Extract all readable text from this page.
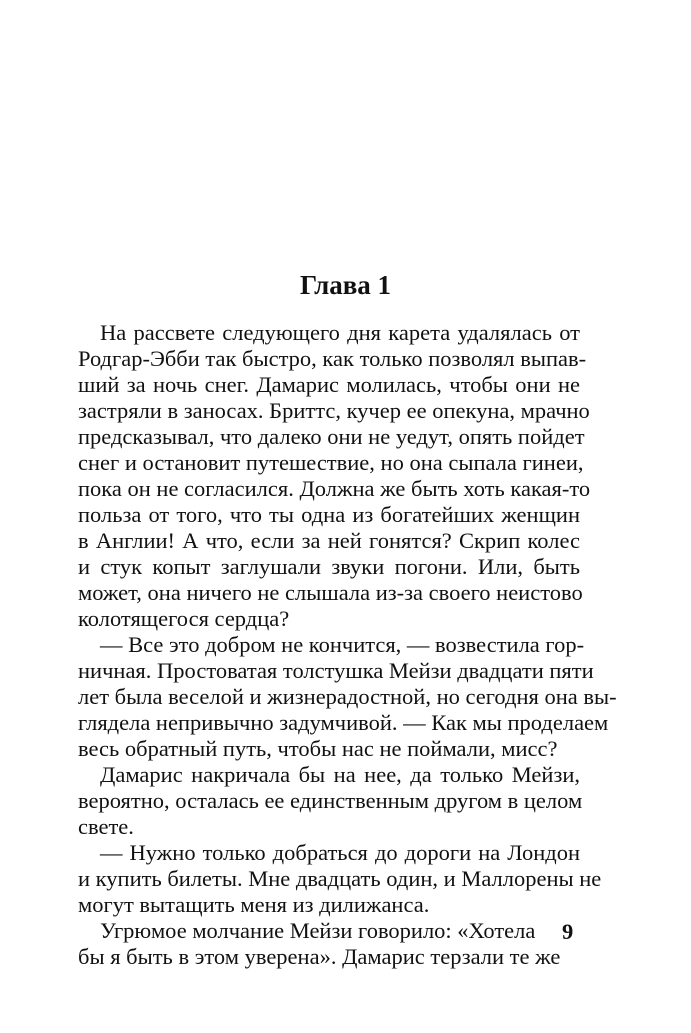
Глава 1
На рассвете следующего дня карета удалялась от
Родгар-Эбби так быстро, как только позволял выпав-
ший за ночь снег. Дамарис молилась, чтобы они не
застряли в заносах. Бриттс, кучер ее опекуна, мрачно
предсказывал, что далеко они не уедут, опять пойдет
снег и остановит путешествие, но она сыпала гинеи,
пока он не согласился. Должна же быть хоть какая-то
польза от того, что ты одна из богатейших женщин
в Англии! А что, если за ней гонятся? Скрип колес
и стук копыт заглушали звуки погони. Или, быть
может, она ничего не слышала из-за своего неистово
колотящегося сердца?
— Все это добром не кончится, — возвестила гор-
ничная. Простоватая толстушка Мейзи двадцати пяти
лет была веселой и жизнерадостной, но сегодня она вы-
глядела непривычно задумчивой. — Как мы проделаем
весь обратный путь, чтобы нас не поймали, мисс?
Дамарис накричала бы на нее, да только Мейзи,
вероятно, осталась ее единственным другом в целом
свете.
— Нужно только добраться до дороги на Лондон
и купить билеты. Мне двадцать один, и Маллорены не
могут вытащить меня из дилижанса.
Угрюмое молчание Мейзи говорило: «Хотела
бы я быть в этом уверена». Дамарис терзали те же
9
